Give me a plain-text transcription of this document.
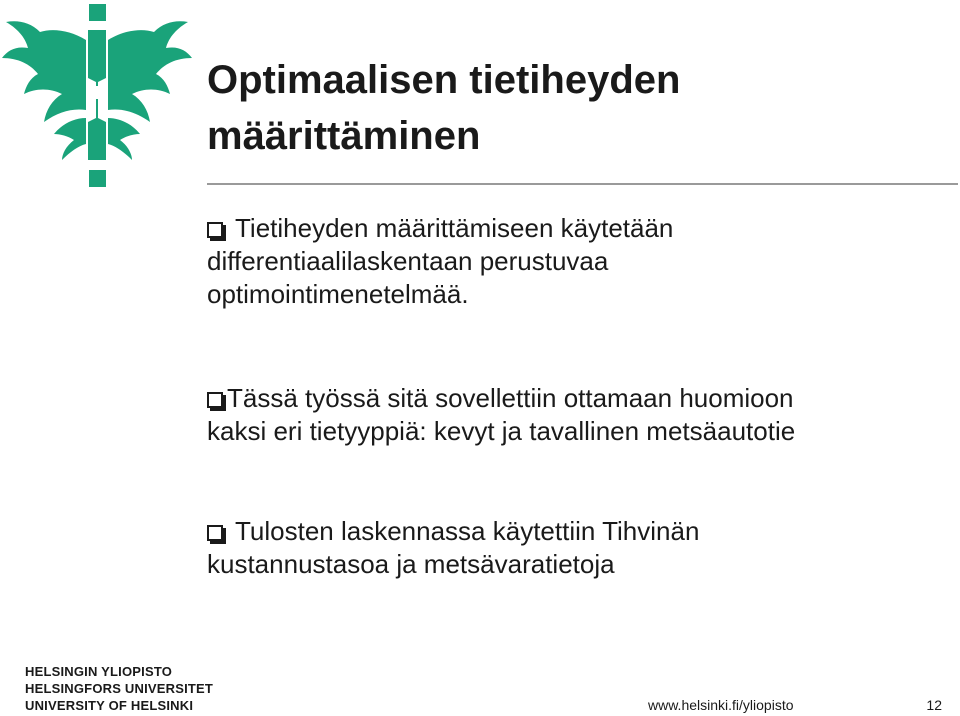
Optimaalisen tietiheyden
määrittäminen
Tietiheyden määrittämiseen käytetään
differentiaalilaskentaan perustuvaa
optimointimenetelmää.
Tässä työssä sitä sovellettiin ottamaan huomioon
kaksi eri tietyyppiä: kevyt ja tavallinen metsäautotie
Tulosten laskennassa käytettiin Tihvinän
kustannustasoa ja metsävaratietoja
HELSINGIN YLIOPISTO
HELSINGFORS UNIVERSITET
UNIVERSITY OF HELSINKI	www.helsinki.fi/yliopisto	12
